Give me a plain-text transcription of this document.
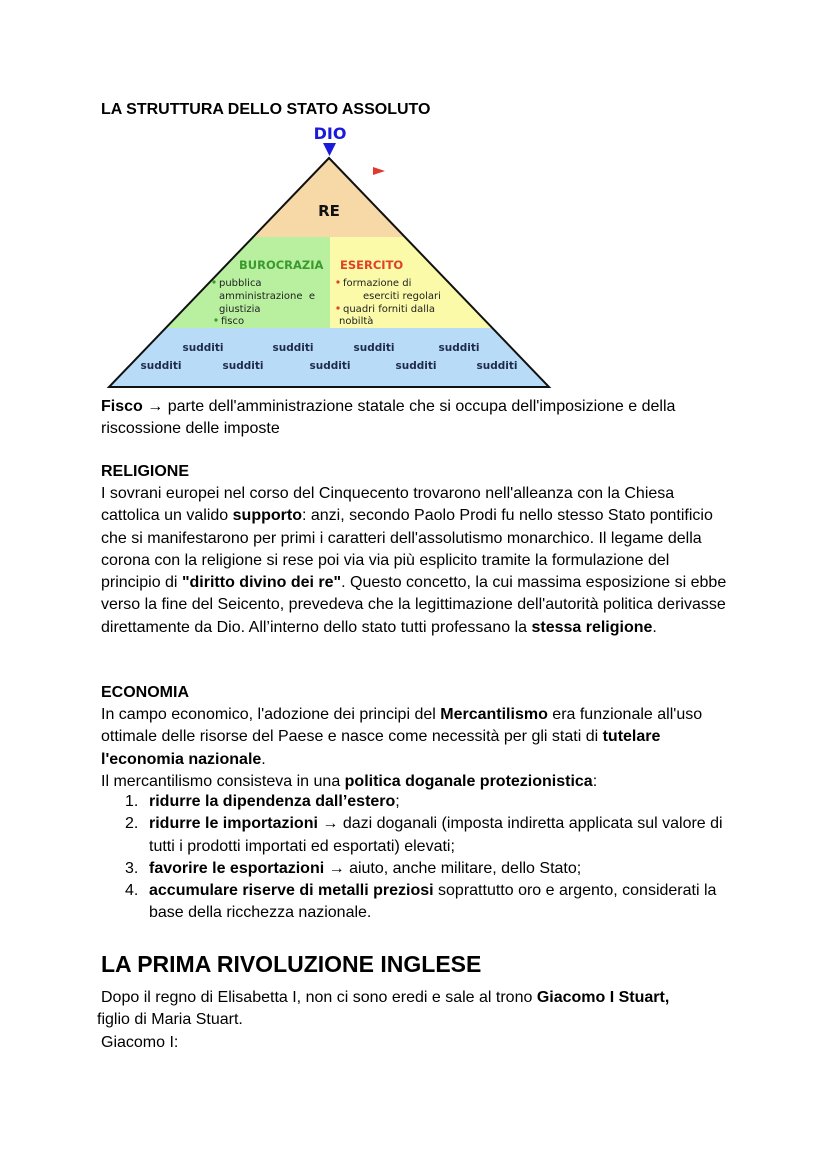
LA STRUTTURA DELLO STATO ASSOLUTO
DIO
RE
BUROCRAZIA
pubblica
amministrazione  e
giustizia
fisco
ESERCITO
formazione di
eserciti regolari
quadri forniti dalla
nobiltà
sudditi	sudditi	sudditi	sudditi
sudditi	sudditi	sudditi	sudditi	sudditi
Fisco → parte dell'amministrazione statale che si occupa dell'imposizione e della riscossione delle imposte
RELIGIONE
I sovrani europei nel corso del Cinquecento trovarono nell'alleanza con la Chiesa cattolica un valido supporto: anzi, secondo Paolo Prodi fu nello stesso Stato pontificio che si manifestarono per primi i caratteri dell'assolutismo monarchico. Il legame della corona con la religione si rese poi via via più esplicito tramite la formulazione del principio di "diritto divino dei re". Questo concetto, la cui massima esposizione si ebbe verso la fine del Seicento, prevedeva che la legittimazione dell'autorità politica derivasse direttamente da Dio. All’interno dello stato tutti professano la stessa religione.
ECONOMIA
In campo economico, l'adozione dei principi del Mercantilismo era funzionale all'uso ottimale delle risorse del Paese e nasce come necessità per gli stati di tutelare l'economia nazionale.
Il mercantilismo consisteva in una politica doganale protezionistica:
1. ridurre la dipendenza dall’estero;
2. ridurre le importazioni → dazi doganali (imposta indiretta applicata sul valore di tutti i prodotti importati ed esportati) elevati;
3. favorire le esportazioni → aiuto, anche militare, dello Stato;
4. accumulare riserve di metalli preziosi soprattutto oro e argento, considerati la base della ricchezza nazionale.
LA PRIMA RIVOLUZIONE INGLESE
Dopo il regno di Elisabetta I, non ci sono eredi e sale al trono Giacomo I Stuart,
figlio di Maria Stuart.
Giacomo I:
